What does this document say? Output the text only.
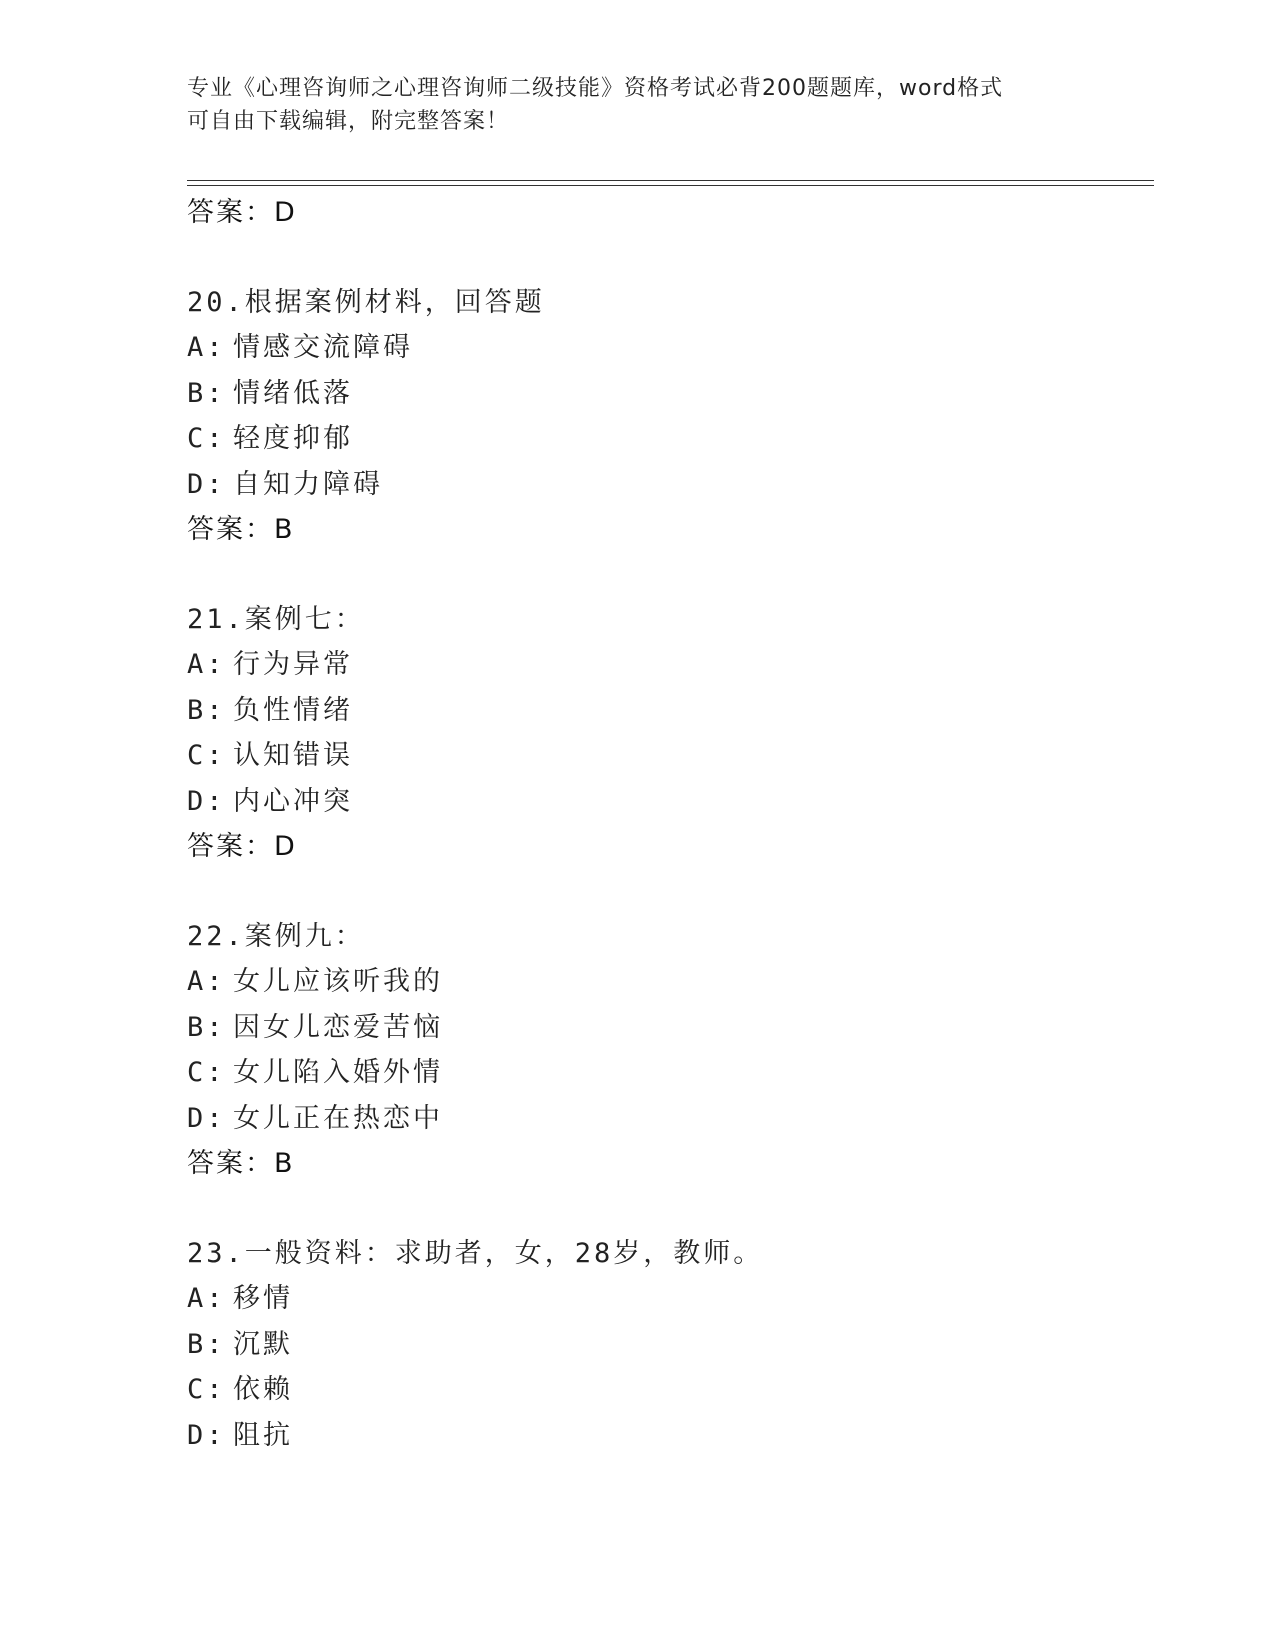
专业《心理咨询师之心理咨询师二级技能》资格考试必背200题题库，word格式
可自由下载编辑，附完整答案！
答案：D
20.根据案例材料，回答题
A: 情感交流障碍
B: 情绪低落
C: 轻度抑郁
D: 自知力障碍
答案：B
21.案例七：
A: 行为异常
B: 负性情绪
C: 认知错误
D: 内心冲突
答案：D
22.案例九：
A: 女儿应该听我的
B: 因女儿恋爱苦恼
C: 女儿陷入婚外情
D: 女儿正在热恋中
答案：B
23.一般资料：求助者，女，28岁，教师。
A: 移情
B: 沉默
C: 依赖
D: 阻抗
